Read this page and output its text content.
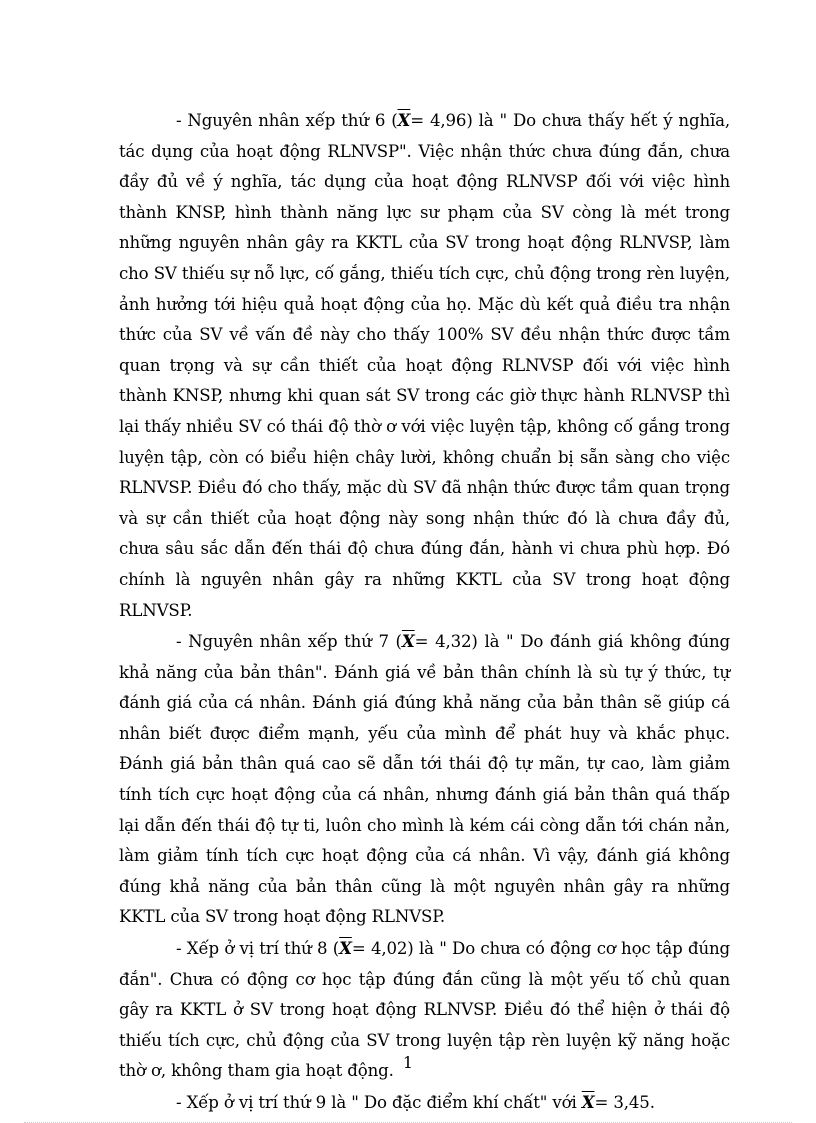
- Nguyên nhân xếp thứ 6 $(\overline{X}= 4,96)$ là " Do chưa thấy hết ý nghĩa, tác dụng của hoạt động RLNVSP". Việc nhận thức chưa đúng đắn, chưa đầy đủ về ý nghĩa, tác dụng của hoạt động RLNVSP đối với việc hình thành KNSP, hình thành năng lực sư phạm của SV còng là mét trong những nguyên nhân gây ra KKTL của SV trong hoạt động RLNVSP, làm cho SV thiếu sự nỗ lực, cố gắng, thiếu tích cực, chủ động trong rèn luyện, ảnh hưởng tới hiệu quả hoạt động của họ. Mặc dù kết quả điều tra nhận thức của SV về vấn đề này cho thấy 100% SV đều nhận thức được tầm quan trọng và sự cần thiết của hoạt động RLNVSP đối với việc hình thành KNSP, nhưng khi quan sát SV trong các giờ thực hành RLNVSP thì lại thấy nhiều SV có thái độ thờ ơ với việc luyện tập, không cố gắng trong luyện tập, còn có biểu hiện chây lười, không chuẩn bị sẵn sàng cho việc RLNVSP. Điều đó cho thấy, mặc dù SV đã nhận thức được tầm quan trọng và sự cần thiết của hoạt động này song nhận thức đó là chưa đầy đủ, chưa sâu sắc dẫn đến thái độ chưa đúng đắn, hành vi chưa phù hợp. Đó chính là nguyên nhân gây ra những KKTL của SV trong hoạt động RLNVSP.

- Nguyên nhân xếp thứ 7 $(\overline{X}= 4,32)$ là " Do đánh giá không đúng khả năng của bản thân". Đánh giá về bản thân chính là sù tự ý thức, tự đánh giá của cá nhân. Đánh giá đúng khả năng của bản thân sẽ giúp cá nhân biết được điểm mạnh, yếu của mình để phát huy và khắc phục. Đánh giá bản thân quá cao sẽ dẫn tới thái độ tự mãn, tự cao, làm giảm tính tích cực hoạt động của cá nhân, nhưng đánh giá bản thân quá thấp lại dẫn đến thái độ tự ti, luôn cho mình là kém cái còng dẫn tới chán nản, làm giảm tính tích cực hoạt động của cá nhân. Vì vậy, đánh giá không đúng khả năng của bản thân cũng là một nguyên nhân gây ra những KKTL của SV trong hoạt động RLNVSP.

- Xếp ở vị trí thứ 8 $(\overline{X}= 4,02)$ là " Do chưa có động cơ học tập đúng đắn". Chưa có động cơ học tập đúng đắn cũng là một yếu tố chủ quan gây ra KKTL ở SV trong hoạt động RLNVSP. Điều đó thể hiện ở thái độ thiếu tích cực, chủ động của SV trong luyện tập rèn luyện kỹ năng hoặc thờ ơ, không tham gia hoạt động.

- Xếp ở vị trí thứ 9 là " Do đặc điểm khí chất" với $\overline{X}= 3,45$.

1
